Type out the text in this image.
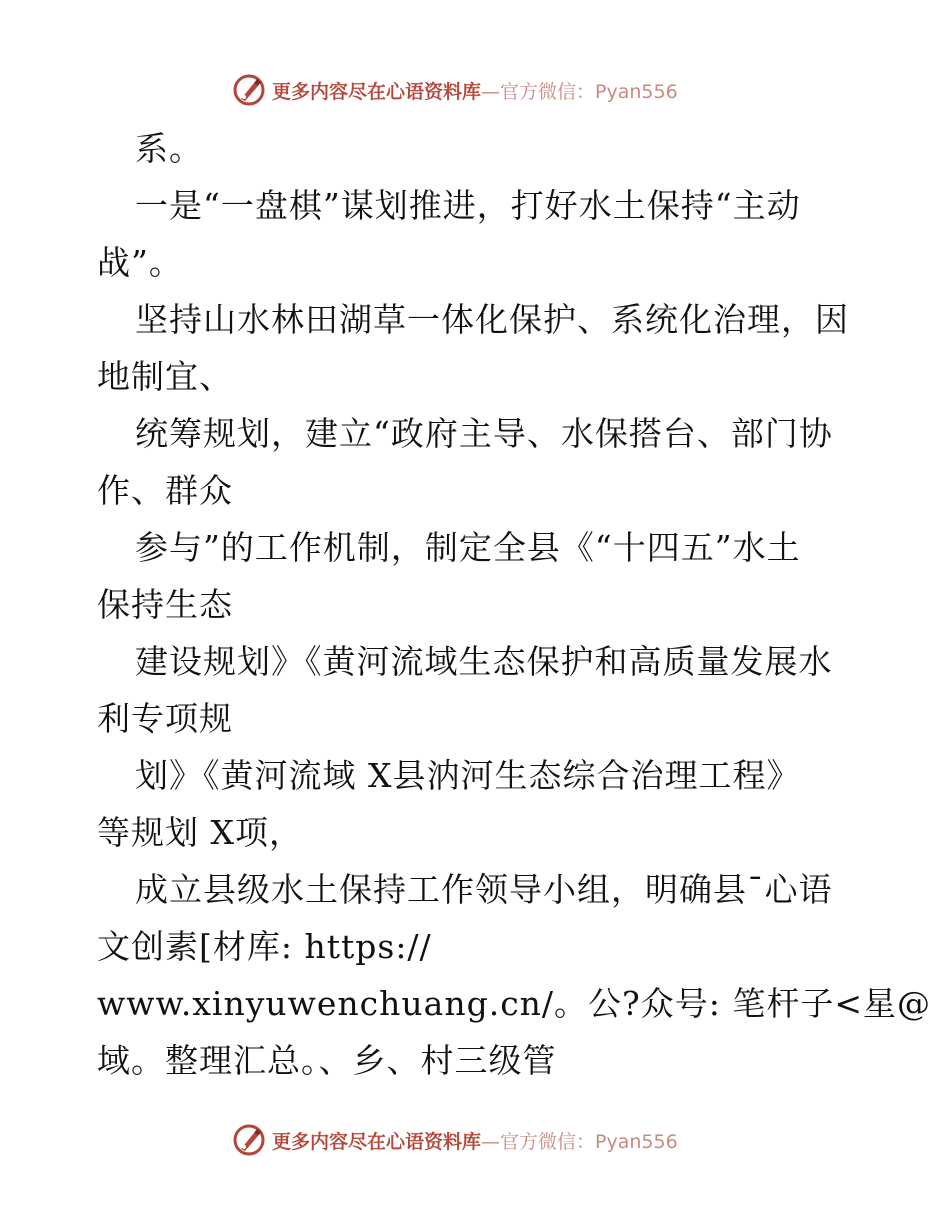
更多内容尽在心语资料库—官方微信：Pyan556
系。
一是“一盘棋”谋划推进，打好水土保持“主动
战”。
坚持山水林田湖草一体化保护、系统化治理，因
地制宜、
统筹规划，建立“政府主导、水保搭台、部门协
作、群众
参与”的工作机制，制定全县《“十四五”水土
保持生态
建设规划》《黄河流域生态保护和高质量发展水
利专项规
划》《黄河流域 X县汭河生态综合治理工程》
等规划 X项，
成立县级水土保持工作领导小组，明确县¯心语
文创素[材库: https://
www.xinyuwenchuang.cn/。公?众号: 笔杆子<星@
域。整理汇总。、乡、村三级管
更多内容尽在心语资料库—官方微信：Pyan556
